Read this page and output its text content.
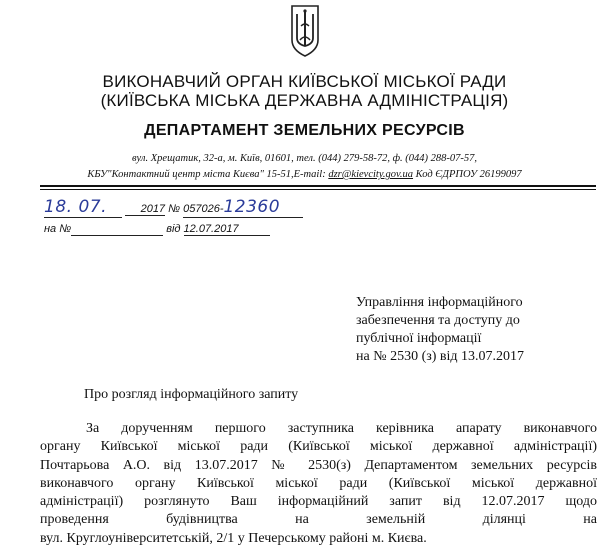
ВИКОНАВЧИЙ ОРГАН КИЇВСЬКОЇ МІСЬКОЇ РАДИ
(КИЇВСЬКА МІСЬКА ДЕРЖАВНА АДМІНІСТРАЦІЯ)
ДЕПАРТАМЕНТ ЗЕМЕЛЬНИХ РЕСУРСІВ
вул. Хрещатик, 32-а, м. Київ, 01601, тел. (044) 279-58-72, ф. (044) 288-07-57,
КБУ"Контактний центр міста Києва" 15-51,E-mail: dzr@kievcity.gov.ua Код ЄДРПОУ 26199097
18. 07.	2017 № 057026-12360
на №	від 12.07.2017
Управління інформаційного
забезпечення та доступу до
публічної інформації
на № 2530 (з) від 13.07.2017
Про розгляд інформаційного запиту
За дорученням першого заступника керівника апарату виконавчого
органу Київської міської ради (Київської міської державної адміністрації)
Почтарьова А.О. від 13.07.2017 № 2530(з) Департаментом земельних ресурсів
виконавчого органу Київської міської ради (Київської міської державної
адміністрації) розглянуто Ваш інформаційний запит від 12.07.2017 щодо
проведення будівництва на земельній ділянці на
вул. Круглоуніверситетській, 2/1 у Печерському районі м. Києва.
